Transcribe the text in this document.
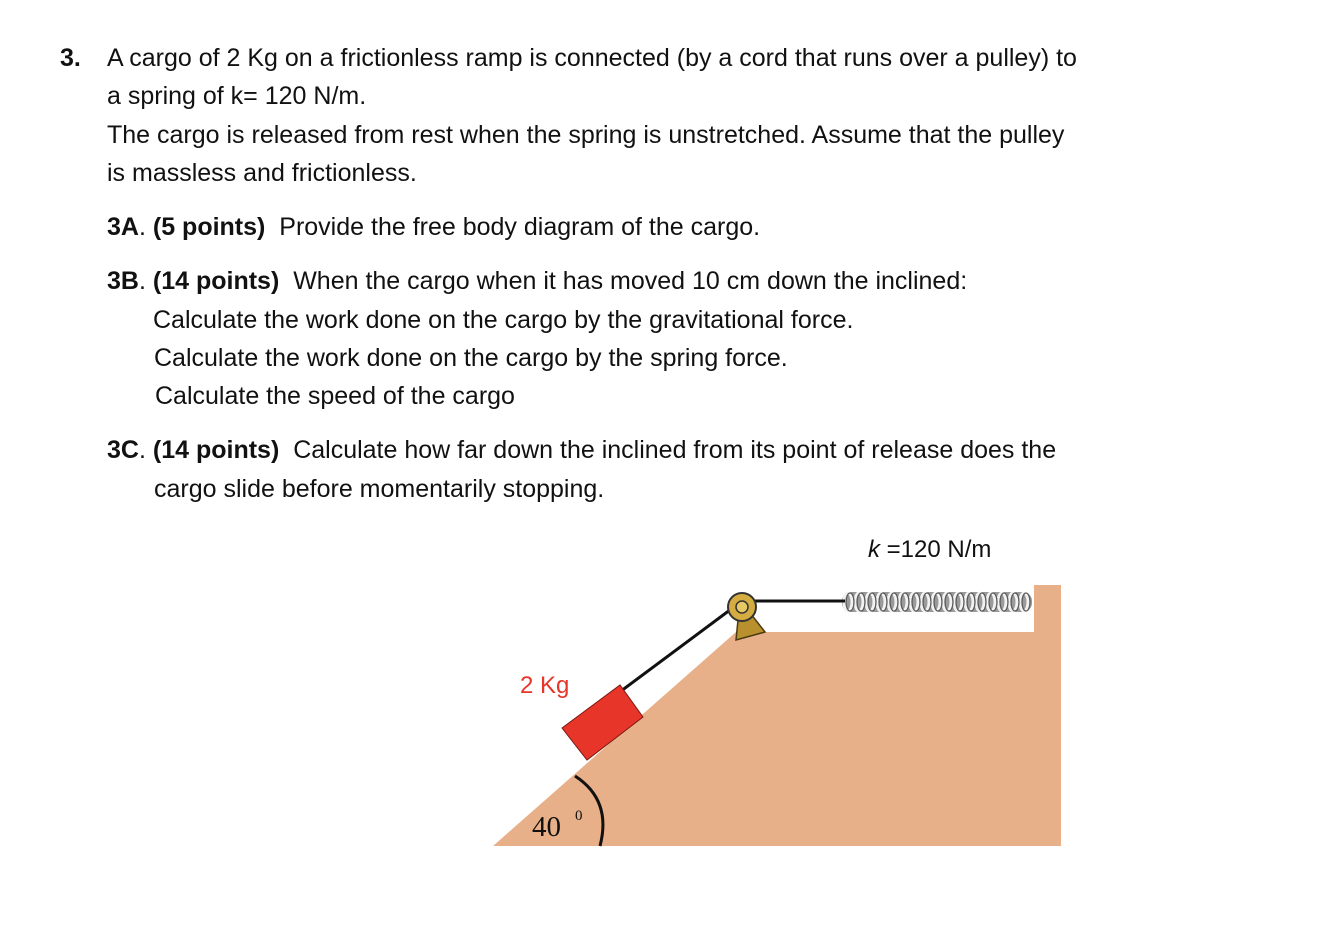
3. A cargo of 2 Kg on a frictionless ramp is connected (by a cord that runs over a pulley) to
a spring of k= 120 N/m.
The cargo is released from rest when the spring is unstretched. Assume that the pulley
is massless and frictionless.
3A. (5 points) Provide the free body diagram of the cargo.
3B. (14 points) When the cargo when it has moved 10 cm down the inclined:
Calculate the work done on the cargo by the gravitational force.
Calculate the work done on the cargo by the spring force.
Calculate the speed of the cargo
3C. (14 points) Calculate how far down the inclined from its point of release does the
cargo slide before momentarily stopping.
2 Kg
40 0
k =120 N/m
